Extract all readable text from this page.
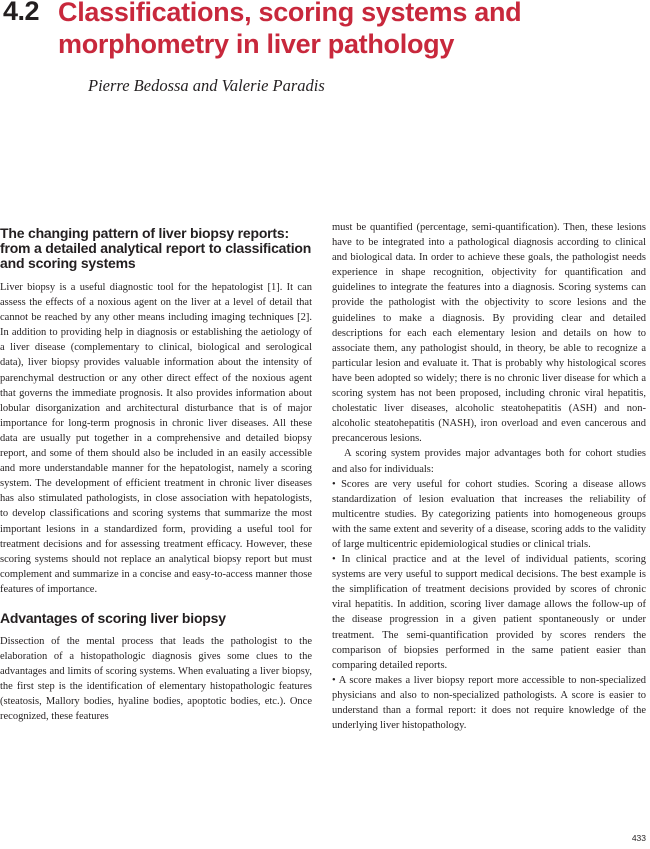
4.2 Classifications, scoring systems and morphometry in liver pathology
Pierre Bedossa and Valerie Paradis
The changing pattern of liver biopsy reports: from a detailed analytical report to classification and scoring systems

Liver biopsy is a useful diagnostic tool for the hepatologist [1]. It can assess the effects of a noxious agent on the liver at a level of detail that cannot be reached by any other means including imaging techniques [2]. In addition to providing help in diagnosis or establishing the aetiology of a liver disease (complementary to clinical, biological and serological data), liver biopsy provides valuable information about the intensity of parenchymal destruction or any other direct effect of the noxious agent that governs the immediate prognosis. It also provides information about lobular disorganization and architectural disturbance that is of major importance for long-term prognosis in chronic liver diseases. All these data are usually put together in a comprehensive and detailed biopsy report, and some of them should also be included in an easily accessible and more understandable manner for the hepatologist, namely a scoring system. The development of efficient treatment in chronic liver diseases has also stimulated pathologists, in close association with hepatologists, to develop classifications and scoring systems that summarize the most important lesions in a standardized form, providing a useful tool for treatment decisions and for assessing treatment efficacy. However, these scoring systems should not replace an analytical biopsy report but must complement and summarize in a concise and easy-to-access manner those features of importance.

Advantages of scoring liver biopsy

Dissection of the mental process that leads the pathologist to the elaboration of a histopathologic diagnosis gives some clues to the advantages and limits of scoring systems. When evaluating a liver biopsy, the first step is the identification of elementary histopathologic features (steatosis, Mallory bodies, hyaline bodies, apoptotic bodies, etc.). Once recognized, these features

must be quantified (percentage, semi-quantification). Then, these lesions have to be integrated into a pathological diagnosis according to clinical and biological data. In order to achieve these goals, the pathologist needs experience in shape recognition, objectivity for quantification and guidelines to integrate the features into a diagnosis. Scoring systems can provide the pathologist with the objectivity to score lesions and the guidelines to make a diagnosis. By providing clear and detailed descriptions for each each elementary lesion and details on how to associate them, any pathologist should, in theory, be able to recognize a particular lesion and evaluate it. That is probably why histological scores have been adopted so widely; there is no chronic liver disease for which a scoring system has not been proposed, including chronic viral hepatitis, cholestatic liver diseases, alcoholic steatohepatitis (ASH) and non-alcoholic steatohepatitis (NASH), iron overload and even cancerous and precancerous lesions.

A scoring system provides major advantages both for cohort studies and also for individuals:

• Scores are very useful for cohort studies. Scoring a disease allows standardization of lesion evaluation that increases the reliability of multicentre studies. By categorizing patients into homogeneous groups with the same extent and severity of a disease, scoring adds to the validity of large multicentric epidemiological studies or clinical trials.

• In clinical practice and at the level of individual patients, scoring systems are very useful to support medical decisions. The best example is the simplification of treatment decisions provided by scores of chronic viral hepatitis. In addition, scoring liver damage allows the follow-up of the disease progression in a given patient spontaneously or under treatment. The semi-quantification provided by scores renders the comparison of biopsies performed in the same patient easier than comparing detailed reports.

• A score makes a liver biopsy report more accessible to non-specialized physicians and also to non-specialized pathologists. A score is easier to understand than a formal report: it does not require knowledge of the underlying liver histopathology.

433
